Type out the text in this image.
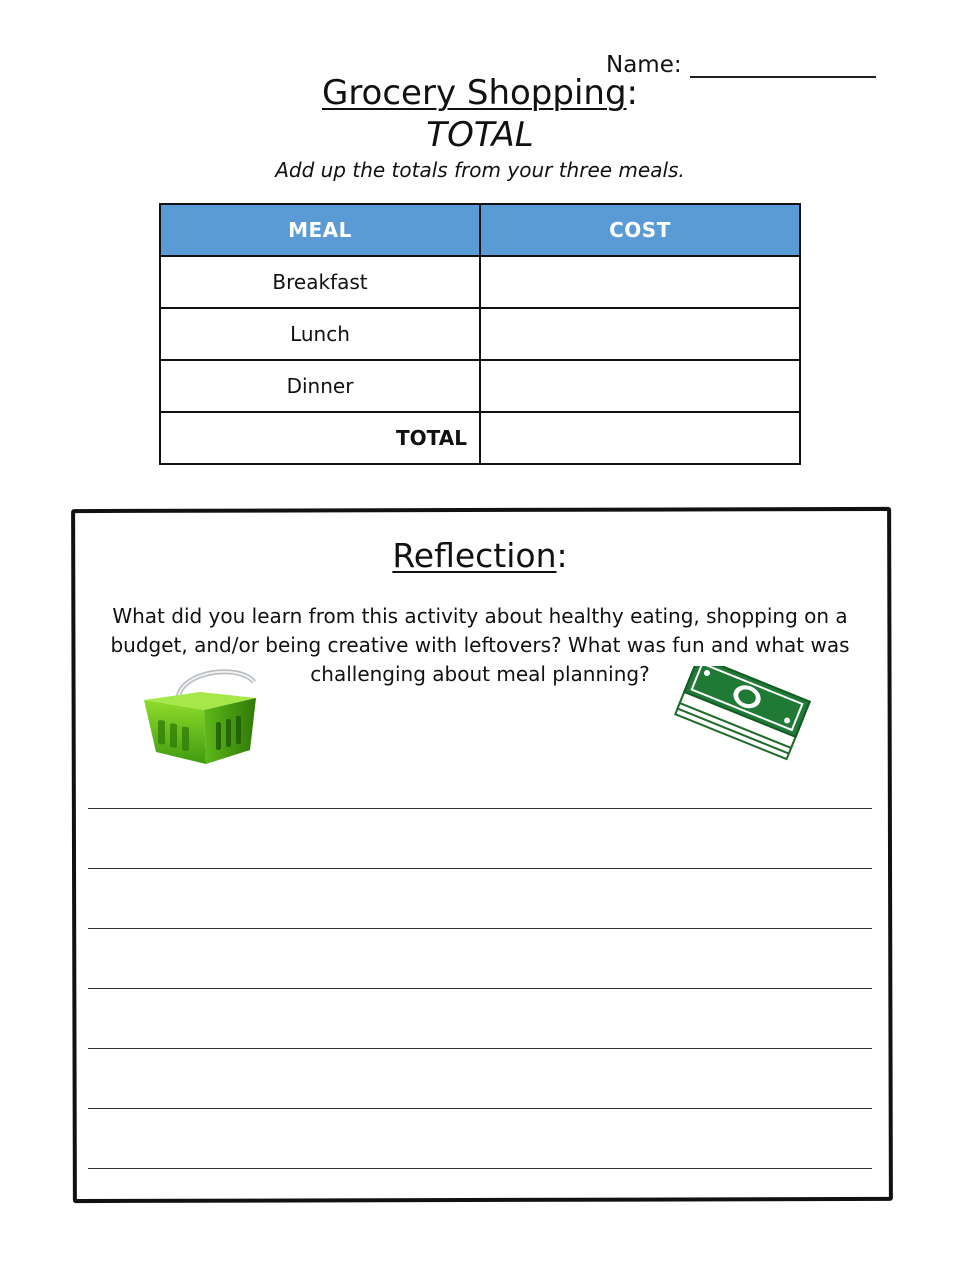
Name:
Grocery Shopping:
TOTAL
Add up the totals from your three meals.
MEAL	COST
Breakfast	
Lunch	
Dinner	
TOTAL	
Reflection:
What did you learn from this activity about healthy eating, shopping on a budget, and/or being creative with leftovers? What was fun and what was challenging about meal planning?
